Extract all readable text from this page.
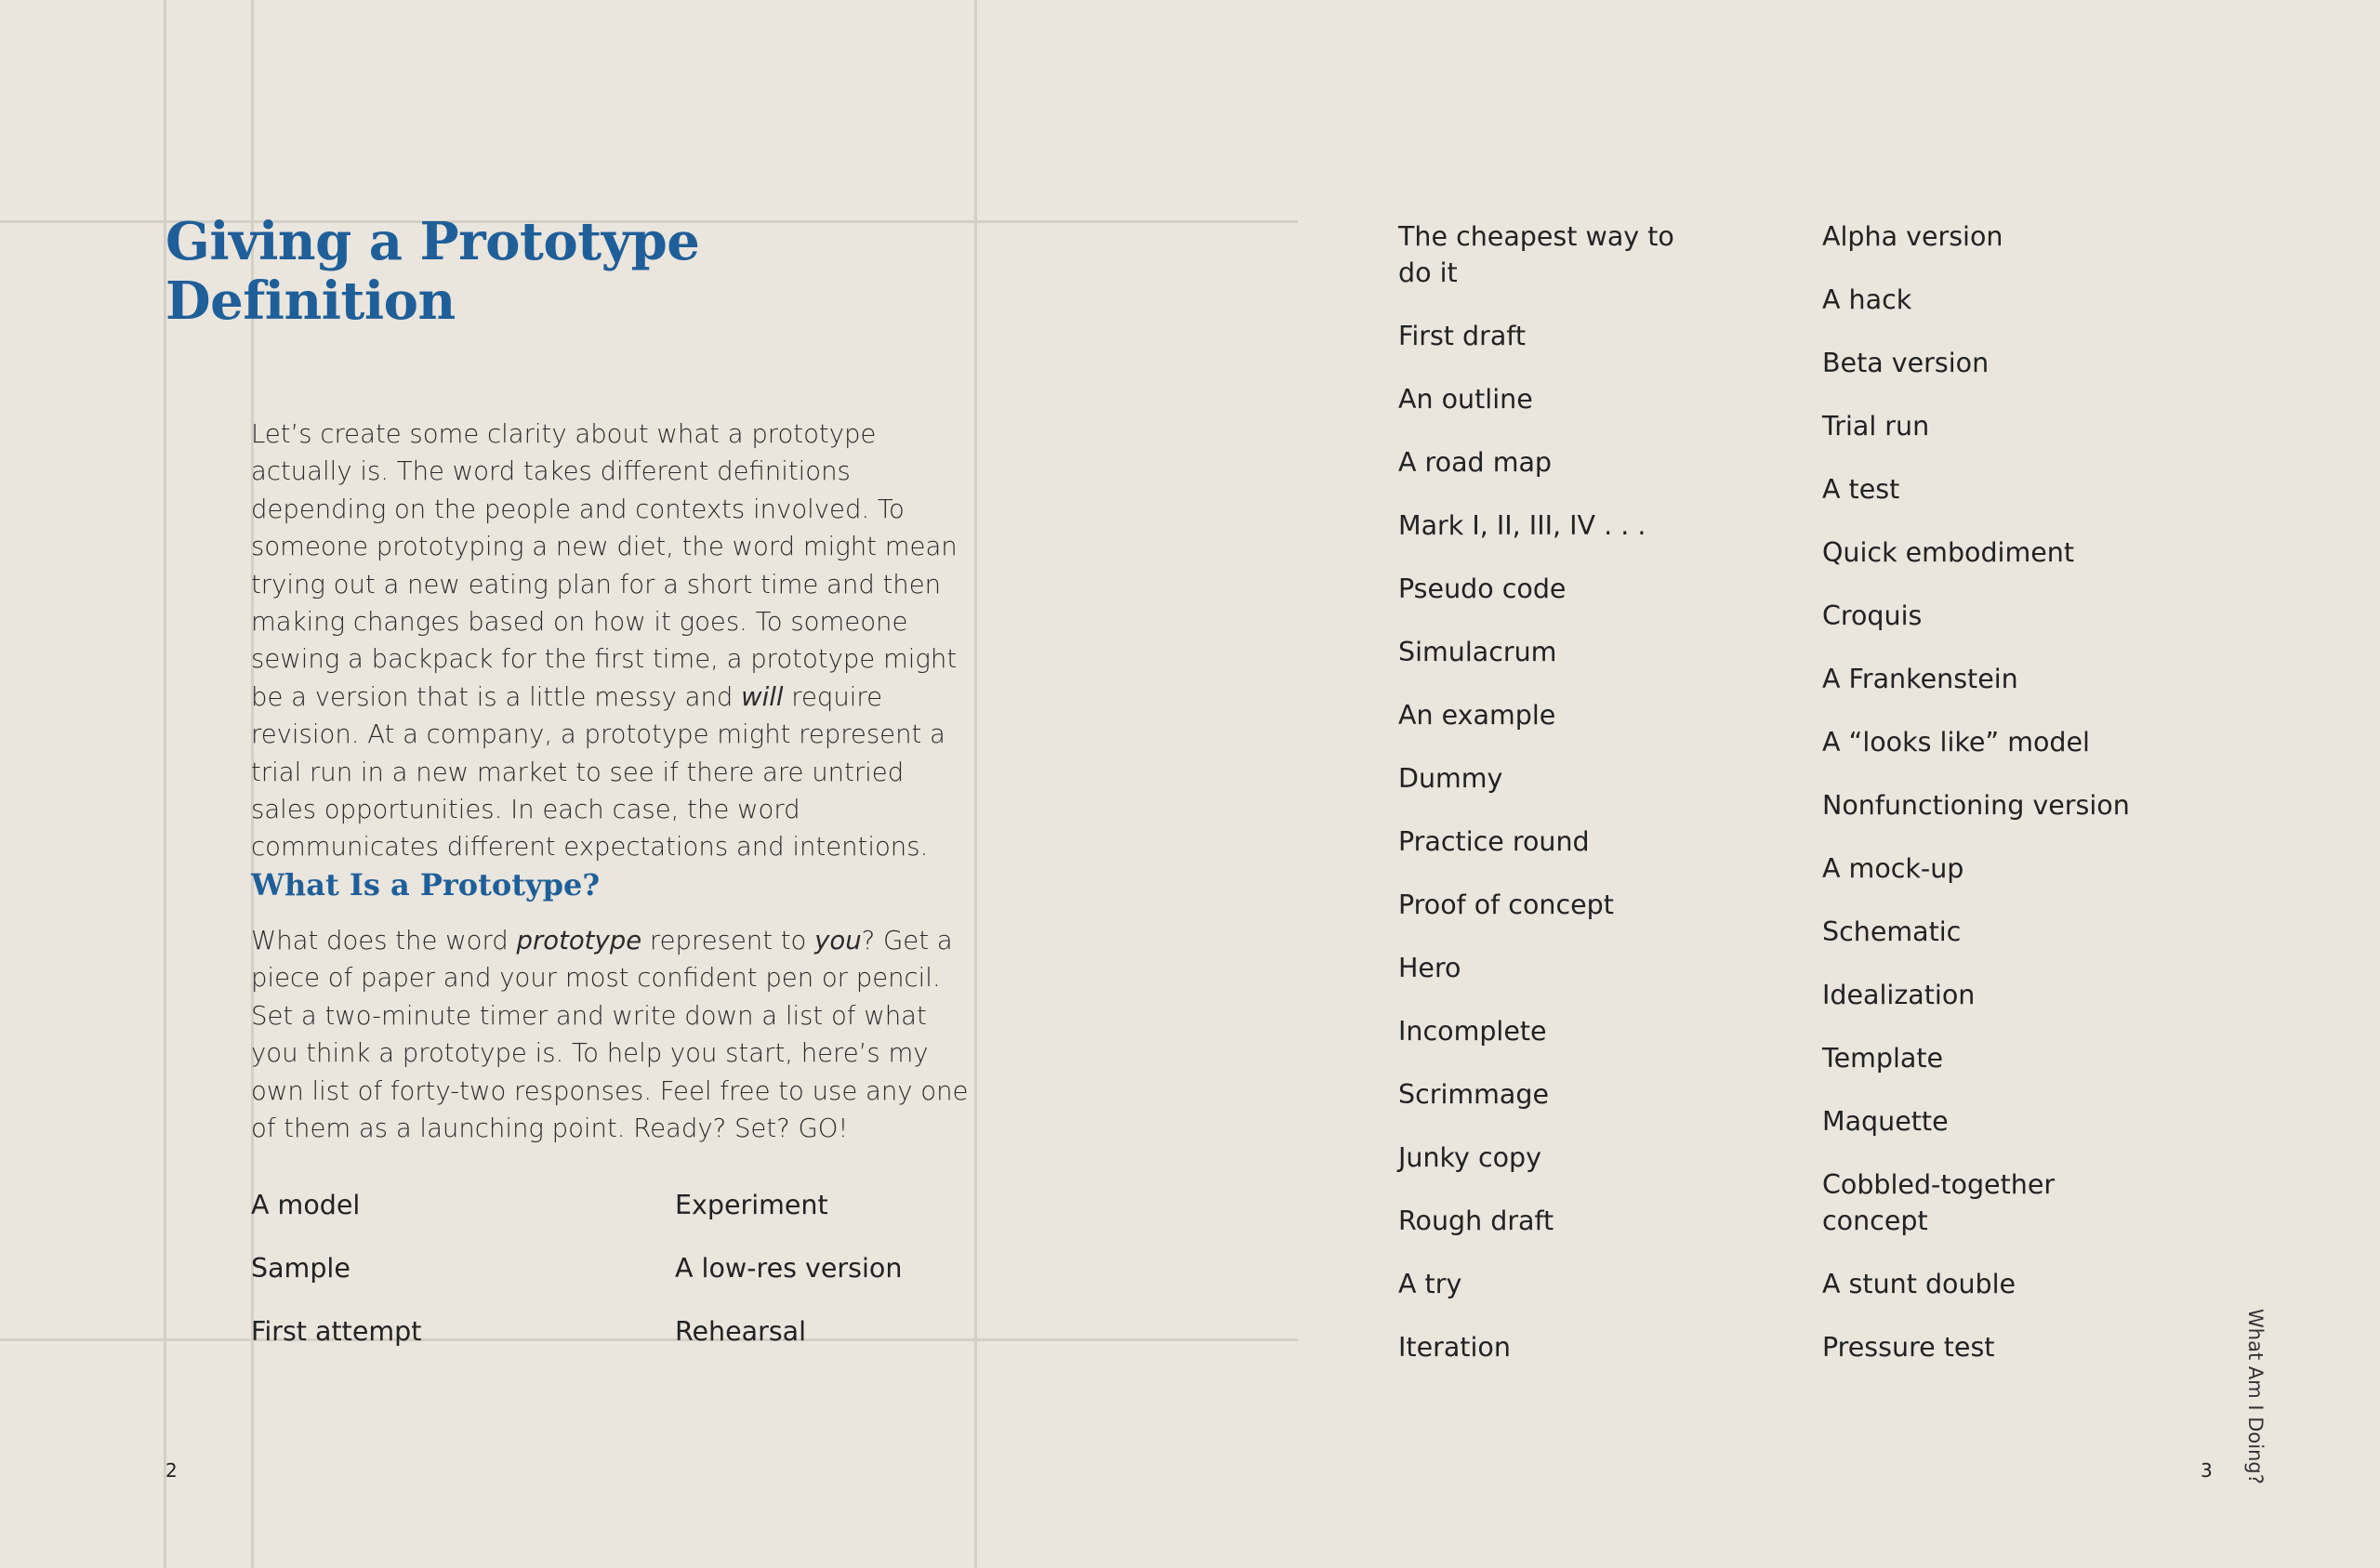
Giving a Prototype
Definition

Let’s create some clarity about what a prototype actually is. The word takes different definitions depending on the people and contexts involved. To someone prototyping a new diet, the word might mean trying out a new eating plan for a short time and then making changes based on how it goes. To someone sewing a backpack for the first time, a prototype might be a version that is a little messy and will require revision. At a company, a prototype might represent a trial run in a new market to see if there are untried sales opportunities. In each case, the word communicates different expectations and intentions.

What Is a Prototype?

What does the word prototype represent to you? Get a piece of paper and your most confident pen or pencil. Set a two-minute timer and write down a list of what you think a prototype is. To help you start, here’s my own list of forty-two responses. Feel free to use any one of them as a launching point. Ready? Set? GO!

A model
Sample
First attempt
Experiment
A low-res version
Rehearsal
2
The cheapest way to do it
First draft
An outline
A road map
Mark I, II, III, IV . . .
Pseudo code
Simulacrum
An example
Dummy
Practice round
Proof of concept
Hero
Incomplete
Scrimmage
Junky copy
Rough draft
A try
Iteration
Alpha version
A hack
Beta version
Trial run
A test
Quick embodiment
Croquis
A Frankenstein
A “looks like” model
Nonfunctioning version
A mock-up
Schematic
Idealization
Template
Maquette
Cobbled-together concept
A stunt double
Pressure test
3 What Am I Doing?
